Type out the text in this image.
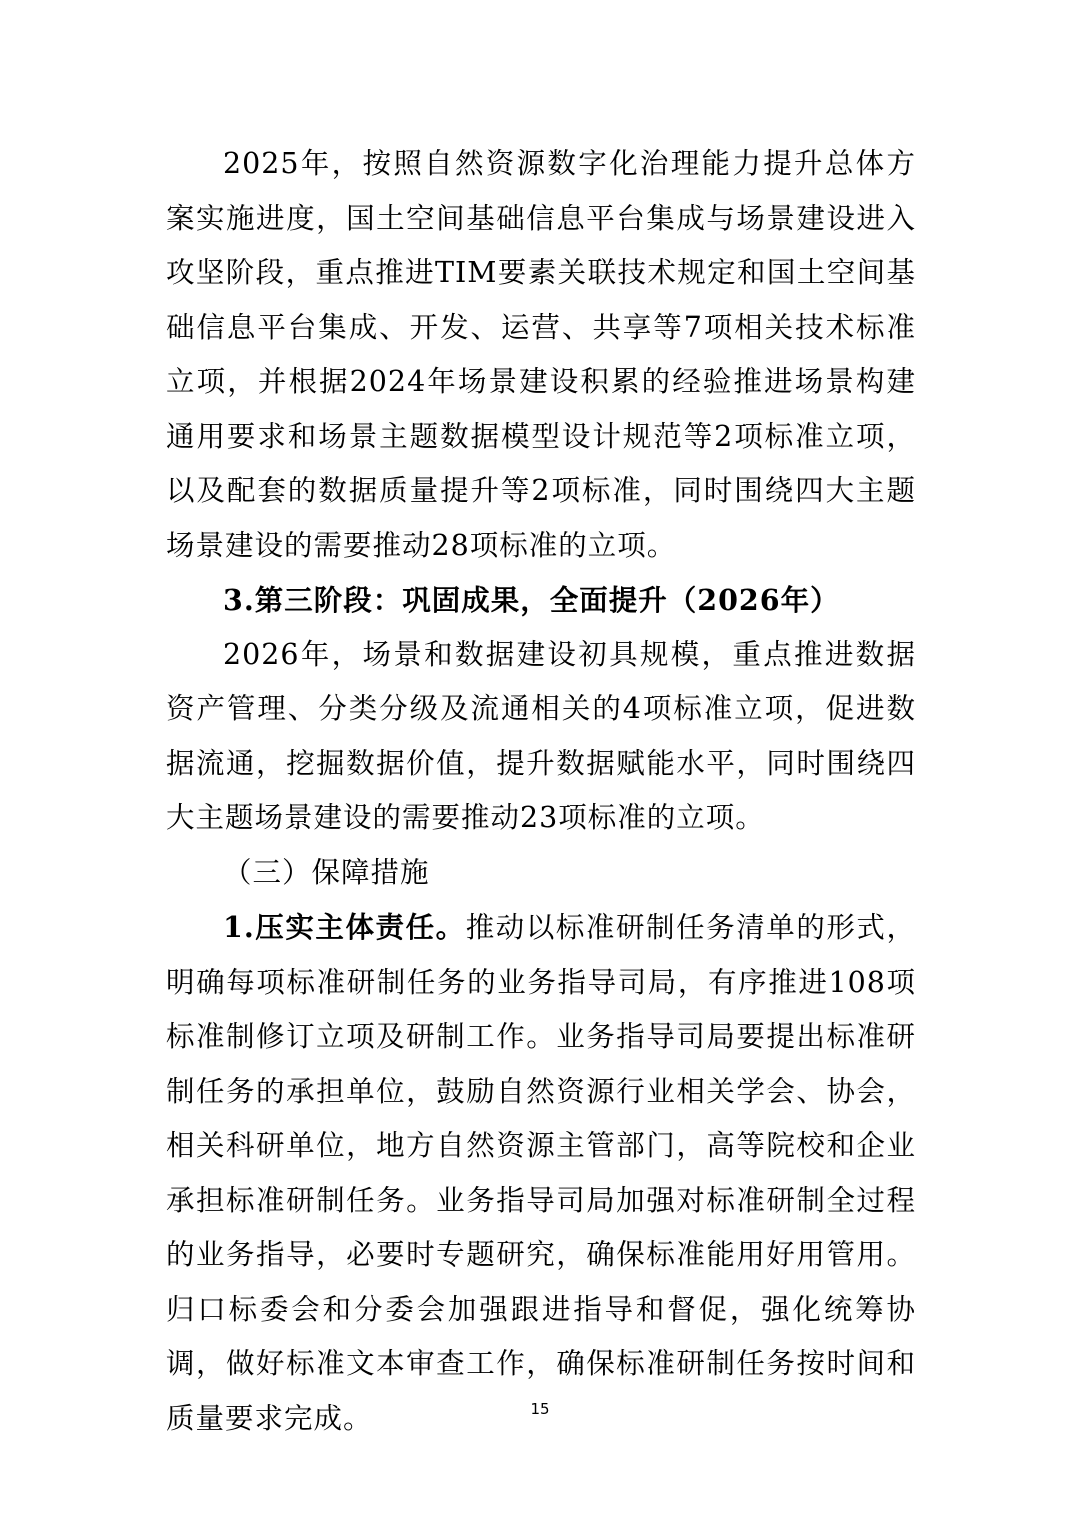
2025年，按照自然资源数字化治理能力提升总体方案实施进度，国土空间基础信息平台集成与场景建设进入攻坚阶段，重点推进TIM要素关联技术规定和国土空间基础信息平台集成、开发、运营、共享等7项相关技术标准立项，并根据2024年场景建设积累的经验推进场景构建通用要求和场景主题数据模型设计规范等2项标准立项，以及配套的数据质量提升等2项标准，同时围绕四大主题场景建设的需要推动28项标准的立项。

3.第三阶段：巩固成果，全面提升（2026年）

2026年，场景和数据建设初具规模，重点推进数据资产管理、分类分级及流通相关的4项标准立项，促进数据流通，挖掘数据价值，提升数据赋能水平，同时围绕四大主题场景建设的需要推动23项标准的立项。

（三）保障措施

1.压实主体责任。推动以标准研制任务清单的形式，明确每项标准研制任务的业务指导司局，有序推进108项标准制修订立项及研制工作。业务指导司局要提出标准研制任务的承担单位，鼓励自然资源行业相关学会、协会，相关科研单位，地方自然资源主管部门，高等院校和企业承担标准研制任务。业务指导司局加强对标准研制全过程的业务指导，必要时专题研究，确保标准能用好用管用。归口标委会和分委会加强跟进指导和督促，强化统筹协调，做好标准文本审查工作，确保标准研制任务按时间和质量要求完成。	15
